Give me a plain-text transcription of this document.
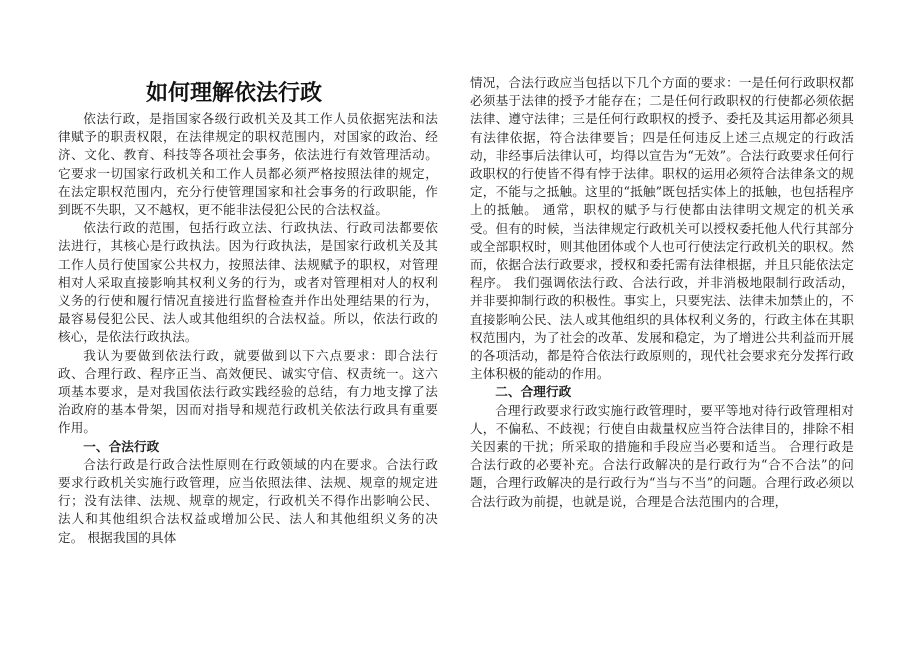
如何理解依法行政

依法行政，是指国家各级行政机关及其工作人员依据宪法和法律赋予的职责权限，在法律规定的职权范围内，对国家的政治、经济、文化、教育、科技等各项社会事务，依法进行有效管理活动。它要求一切国家行政机关和工作人员都必须严格按照法律的规定，在法定职权范围内，充分行使管理国家和社会事务的行政职能，作到既不失职，又不越权，更不能非法侵犯公民的合法权益。

依法行政的范围，包括行政立法、行政执法、行政司法都要依法进行，其核心是行政执法。因为行政执法，是国家行政机关及其工作人员行使国家公共权力，按照法律、法规赋予的职权，对管理相对人采取直接影响其权利义务的行为，或者对管理相对人的权利义务的行使和履行情况直接进行监督检查并作出处理结果的行为，最容易侵犯公民、法人或其他组织的合法权益。所以，依法行政的核心，是依法行政执法。

我认为要做到依法行政，就要做到以下六点要求：即合法行政、合理行政、程序正当、高效便民、诚实守信、权责统一。这六项基本要求，是对我国依法行政实践经验的总结，有力地支撑了法治政府的基本骨架，因而对指导和规范行政机关依法行政具有重要作用。

一、合法行政

合法行政是行政合法性原则在行政领域的内在要求。合法行政要求行政机关实施行政管理，应当依照法律、法规、规章的规定进行；没有法律、法规、规章的规定，行政机关不得作出影响公民、法人和其他组织合法权益或增加公民、法人和其他组织义务的决定。 根据我国的具体

情况，合法行政应当包括以下几个方面的要求：一是任何行政职权都必须基于法律的授予才能存在；二是任何行政职权的行使都必须依据法律、遵守法律；三是任何行政职权的授予、委托及其运用都必须具有法律依据，符合法律要旨；四是任何违反上述三点规定的行政活动，非经事后法律认可，均得以宣告为“无效”。合法行政要求任何行政职权的行使皆不得有悖于法律。职权的运用必须符合法律条文的规定，不能与之抵触。这里的“抵触”既包括实体上的抵触，也包括程序上的抵触。 通常，职权的赋予与行使都由法律明文规定的机关承受。但有的时候，当法律规定行政机关可以授权委托他人代行其部分或全部职权时，则其他团体或个人也可行使法定行政机关的职权。然而，依据合法行政要求，授权和委托需有法律根据，并且只能依法定程序。 我们强调依法行政、合法行政，并非消极地限制行政活动，并非要抑制行政的积极性。事实上，只要宪法、法律未加禁止的，不直接影响公民、法人或其他组织的具体权利义务的，行政主体在其职权范围内，为了社会的改革、发展和稳定，为了增进公共利益而开展的各项活动，都是符合依法行政原则的，现代社会要求充分发挥行政主体积极的能动的作用。

二、合理行政

合理行政要求行政实施行政管理时，要平等地对待行政管理相对人，不偏私、不歧视；行使自由裁量权应当符合法律目的，排除不相关因素的干扰；所采取的措施和手段应当必要和适当。 合理行政是合法行政的必要补充。合法行政解决的是行政行为“合不合法”的问题，合理行政解决的是行政行为“当与不当”的问题。合理行政必须以合法行政为前提，也就是说，合理是合法范围内的合理，
